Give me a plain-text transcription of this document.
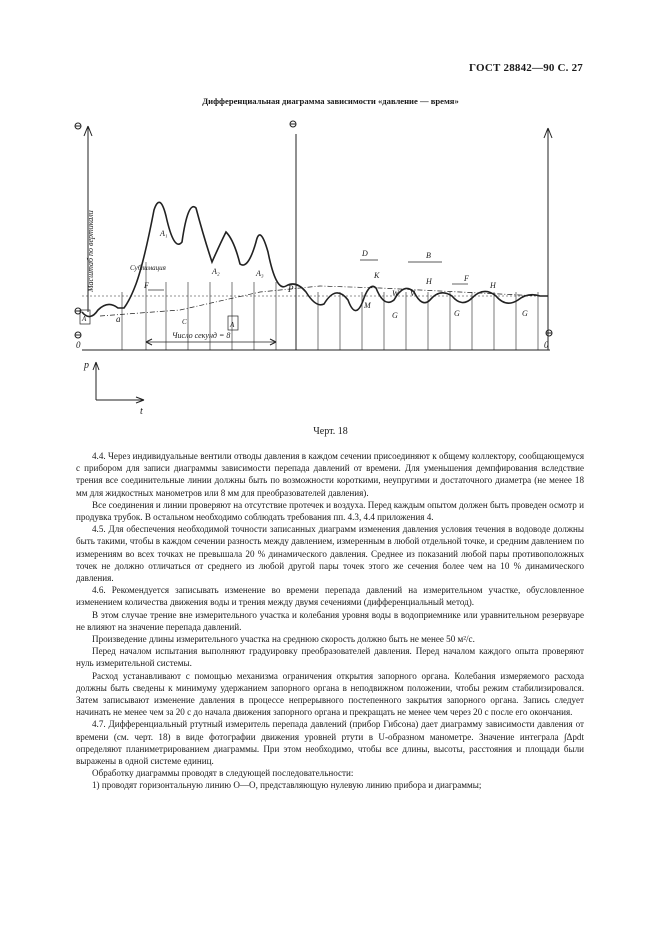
ГОСТ 28842—90 С. 27
Дифференциальная диаграмма зависимости «давление — время»
Масштаб по вертикали	Сублимация
Число секунд = 8
0	0
p
t
a
A₁
A₂	A₃
F
F
P
D	B
K
W V
H	H
M
G	G	G
A
A
C
Черт. 18

4.4. Через индивидуальные вентили отводы давления в каждом сечении присоединяют к общему коллектору, сообщающемуся с прибором для записи диаграммы зависимости перепада давлений от времени. Для уменьшения демпфирования вследствие трения все соединительные линии должны быть по возможности короткими, неупругими и достаточного диаметра (не менее 18 мм для жидкостных манометров или 8 мм для преобразователей давления).

Все соединения и линии проверяют на отсутствие протечек и воздуха. Перед каждым опытом должен быть проведен осмотр и продувка трубок. В остальном необходимо соблюдать требования пп. 4.3, 4.4 приложения 4.

4.5. Для обеспечения необходимой точности записанных диаграмм изменения давления условия течения в водоводе должны быть такими, чтобы в каждом сечении разность между давлением, измеренным в любой отдельной точке, и средним давлением по измерениям во всех точках не превышала 20 % динамического давления. Среднее из показаний любой пары противоположных точек не должно отличаться от среднего из любой другой пары точек этого же сечения более чем на 10 % динамического давления.

4.6. Рекомендуется записывать изменение во времени перепада давлений на измерительном участке, обусловленное изменением количества движения воды и трения между двумя сечениями (дифференциальный метод).

В этом случае трение вне измерительного участка и колебания уровня воды в водоприемнике или уравнительном резервуаре не влияют на значение перепада давлений.

Произведение длины измерительного участка на среднюю скорость должно быть не менее 50 м²/с.

Перед началом испытания выполняют градуировку преобразователей давления. Перед началом каждого опыта проверяют нуль измерительной системы.

Расход устанавливают с помощью механизма ограничения открытия запорного органа. Колебания измеряемого расхода должны быть сведены к минимуму удержанием запорного органа в неподвижном положении, чтобы режим стабилизировался. Затем записывают изменение давления в процессе непрерывного постепенного закрытия запорного органа. Запись следует начинать не менее чем за 20 с до начала движения запорного органа и прекращать не менее чем через 20 с после его окончания.

4.7. Дифференциальный ртутный измеритель перепада давлений (прибор Гибсона) дает диаграмму зависимости давления от времени (см. черт. 18) в виде фотографии движения уровней ртути в U-образном манометре. Значение интеграла ∫Δpdt определяют планиметрированием диаграммы. При этом необходимо, чтобы все длины, высоты, расстояния и площади были выражены в одной системе единиц.

Обработку диаграммы проводят в следующей последовательности:

1) проводят горизонтальную линию O—O, представляющую нулевую линию прибора и диаграммы;
